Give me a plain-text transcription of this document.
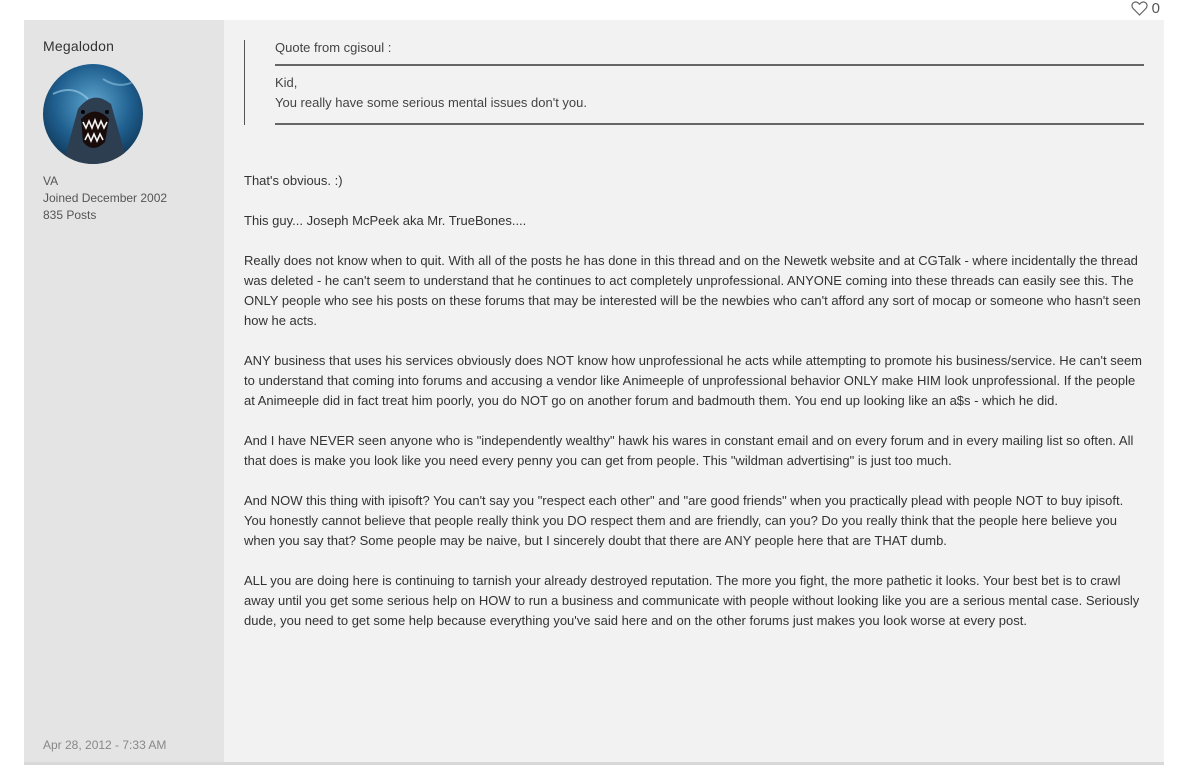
0
Megalodon
VA
Joined December 2002
835 Posts
Apr 28, 2012 - 7:33 AM
Quote from cgisoul :
Kid,
You really have some serious mental issues don't you.

That's obvious. :)

This guy... Joseph McPeek aka Mr. TrueBones....

Really does not know when to quit. With all of the posts he has done in this thread and on the Newetk website and at CGTalk - where incidentally the thread was deleted - he can't seem to understand that he continues to act completely unprofessional. ANYONE coming into these threads can easily see this. The ONLY people who see his posts on these forums that may be interested will be the newbies who can't afford any sort of mocap or someone who hasn't seen how he acts.

ANY business that uses his services obviously does NOT know how unprofessional he acts while attempting to promote his business/service. He can't seem to understand that coming into forums and accusing a vendor like Animeeple of unprofessional behavior ONLY make HIM look unprofessional. If the people at Animeeple did in fact treat him poorly, you do NOT go on another forum and badmouth them. You end up looking like an a$s - which he did.

And I have NEVER seen anyone who is "independently wealthy" hawk his wares in constant email and on every forum and in every mailing list so often. All that does is make you look like you need every penny you can get from people. This "wildman advertising" is just too much.

And NOW this thing with ipisoft? You can't say you "respect each other" and "are good friends" when you practically plead with people NOT to buy ipisoft. You honestly cannot believe that people really think you DO respect them and are friendly, can you? Do you really think that the people here believe you when you say that? Some people may be naive, but I sincerely doubt that there are ANY people here that are THAT dumb.

ALL you are doing here is continuing to tarnish your already destroyed reputation. The more you fight, the more pathetic it looks. Your best bet is to crawl away until you get some serious help on HOW to run a business and communicate with people without looking like you are a serious mental case. Seriously dude, you need to get some help because everything you've said here and on the other forums just makes you look worse at every post.
